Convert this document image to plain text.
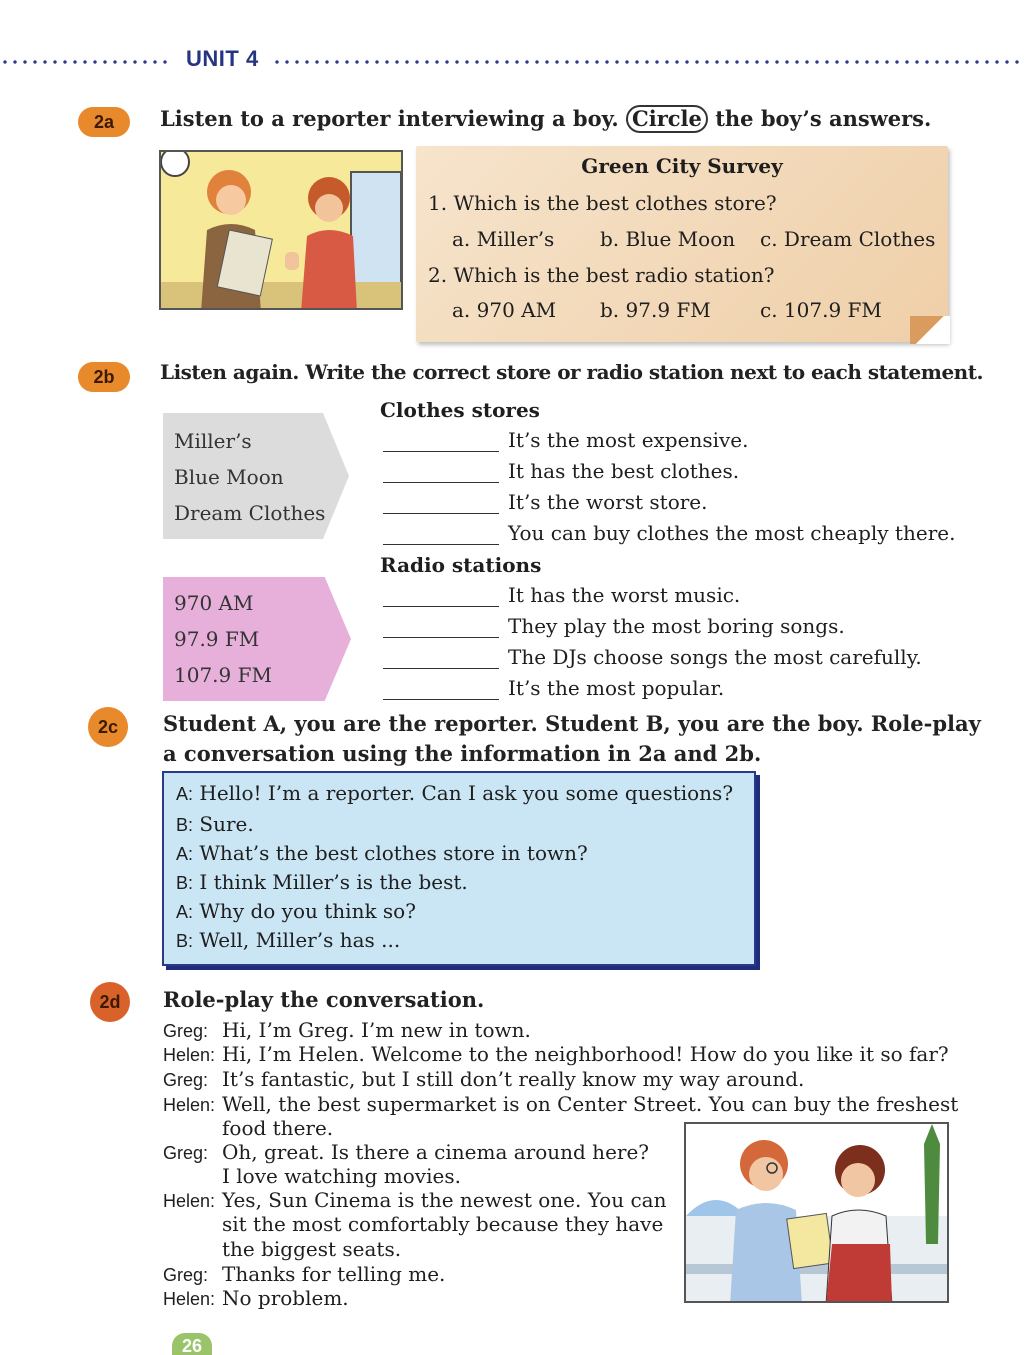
UNIT 4
2a	Listen to a reporter interviewing a boy. Circle the boy’s answers.
Green City Survey
1. Which is the best clothes store?
a. Miller’s b. Blue Moon c. Dream Clothes
2. Which is the best radio station?
a. 970 AM b. 97.9 FM c. 107.9 FM
2b	Listen again. Write the correct store or radio station next to each statement.
Clothes stores
Miller’s
Blue Moon
Dream Clothes
It’s the most expensive.
It has the best clothes.
It’s the worst store.
You can buy clothes the most cheaply there.
Radio stations
970 AM
97.9 FM
107.9 FM
It has the worst music.
They play the most boring songs.
The DJs choose songs the most carefully.
It’s the most popular.
2c	Student A, you are the reporter. Student B, you are the boy. Role-play
a conversation using the information in 2a and 2b.
A: Hello! I’m a reporter. Can I ask you some questions?
B: Sure.
A: What’s the best clothes store in town?
B: I think Miller’s is the best.
A: Why do you think so?
B: Well, Miller’s has ...
2d	Role-play the conversation.
Greg: Hi, I’m Greg. I’m new in town.
Helen: Hi, I’m Helen. Welcome to the neighborhood! How do you like it so far?
Greg: It’s fantastic, but I still don’t really know my way around.
Helen: Well, the best supermarket is on Center Street. You can buy the freshest
food there.
Greg: Oh, great. Is there a cinema around here?
I love watching movies.
Helen: Yes, Sun Cinema is the newest one. You can
sit the most comfortably because they have
the biggest seats.
Greg: Thanks for telling me.
Helen: No problem.
26
